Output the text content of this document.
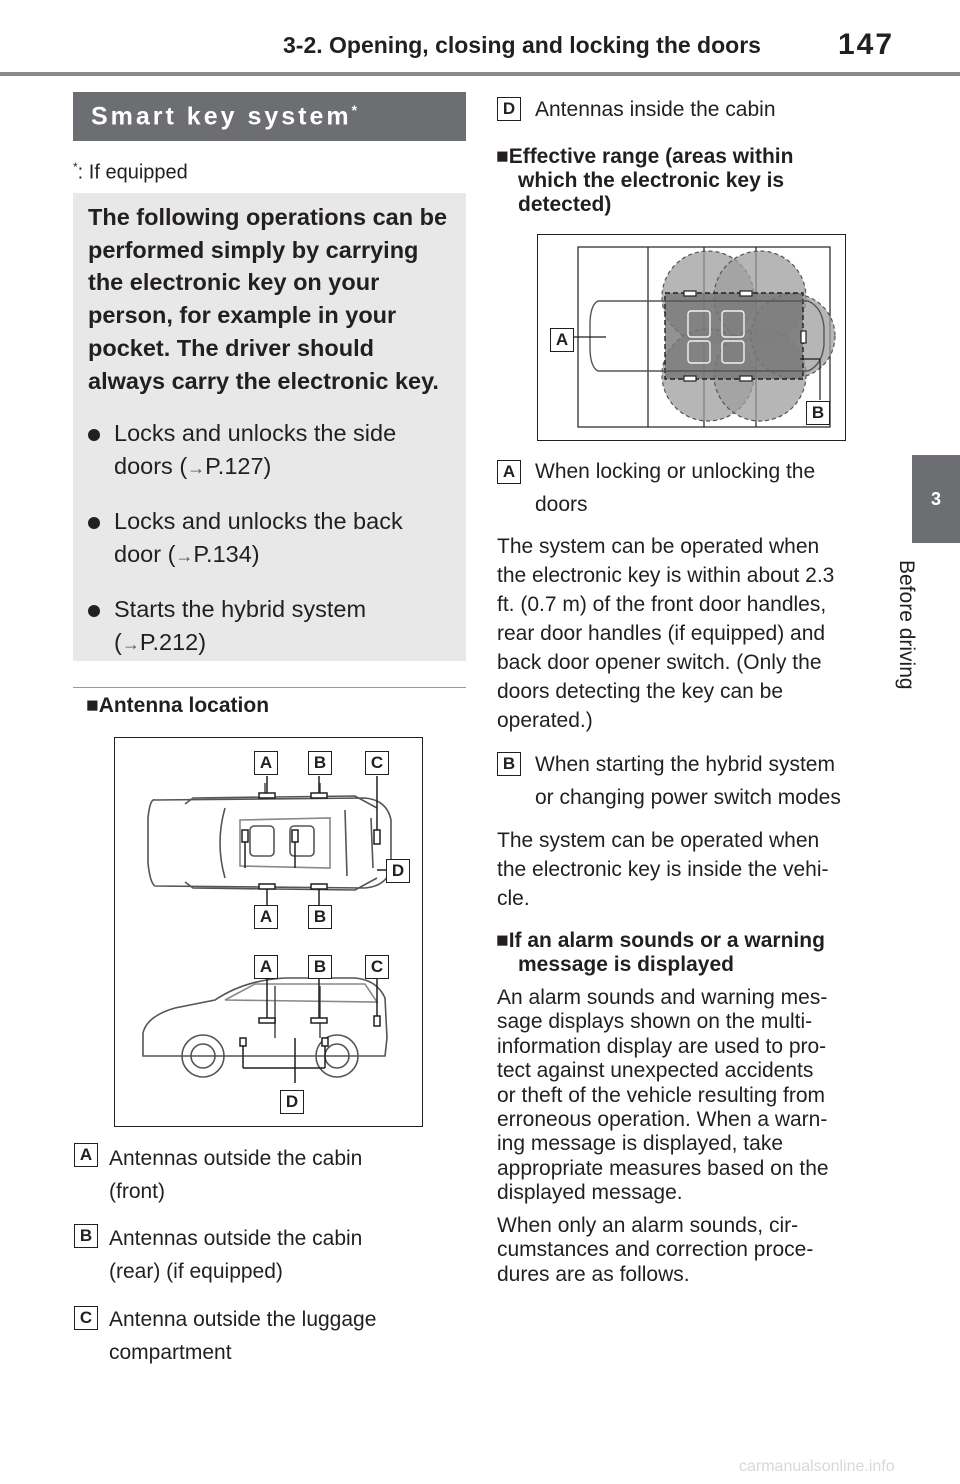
3-2. Opening, closing and locking the doors	147
3
Before driving
Smart key system*
*: If equipped
The following operations can be performed simply by carrying the electronic key on your person, for example in your pocket. The driver should always carry the electronic key.
Locks and unlocks the side
doors (→P.127)
Locks and unlocks the back
door (→P.134)
Starts the hybrid system
(→P.212)
■Antenna location
A	B	C
D
A	B
A	B	C
D
A Antennas outside the cabin
(front)
B Antennas outside the cabin
(rear) (if equipped)
C Antenna outside the luggage
compartment
D Antennas inside the cabin
■Effective range (areas within
which the electronic key is
detected)
A
B
A When locking or unlocking the
doors
The system can be operated when
the electronic key is within about 2.3
ft. (0.7 m) of the front door handles,
rear door handles (if equipped) and
back door opener switch. (Only the
doors detecting the key can be
operated.)
B When starting the hybrid system
or changing power switch modes
The system can be operated when
the electronic key is inside the vehi-
cle.
■If an alarm sounds or a warning
message is displayed
An alarm sounds and warning mes-
sage displays shown on the multi-
information display are used to pro-
tect against unexpected accidents
or theft of the vehicle resulting from
erroneous operation. When a warn-
ing message is displayed, take
appropriate measures based on the
displayed message.
When only an alarm sounds, cir-
cumstances and correction proce-
dures are as follows.
carmanualsonline.info
